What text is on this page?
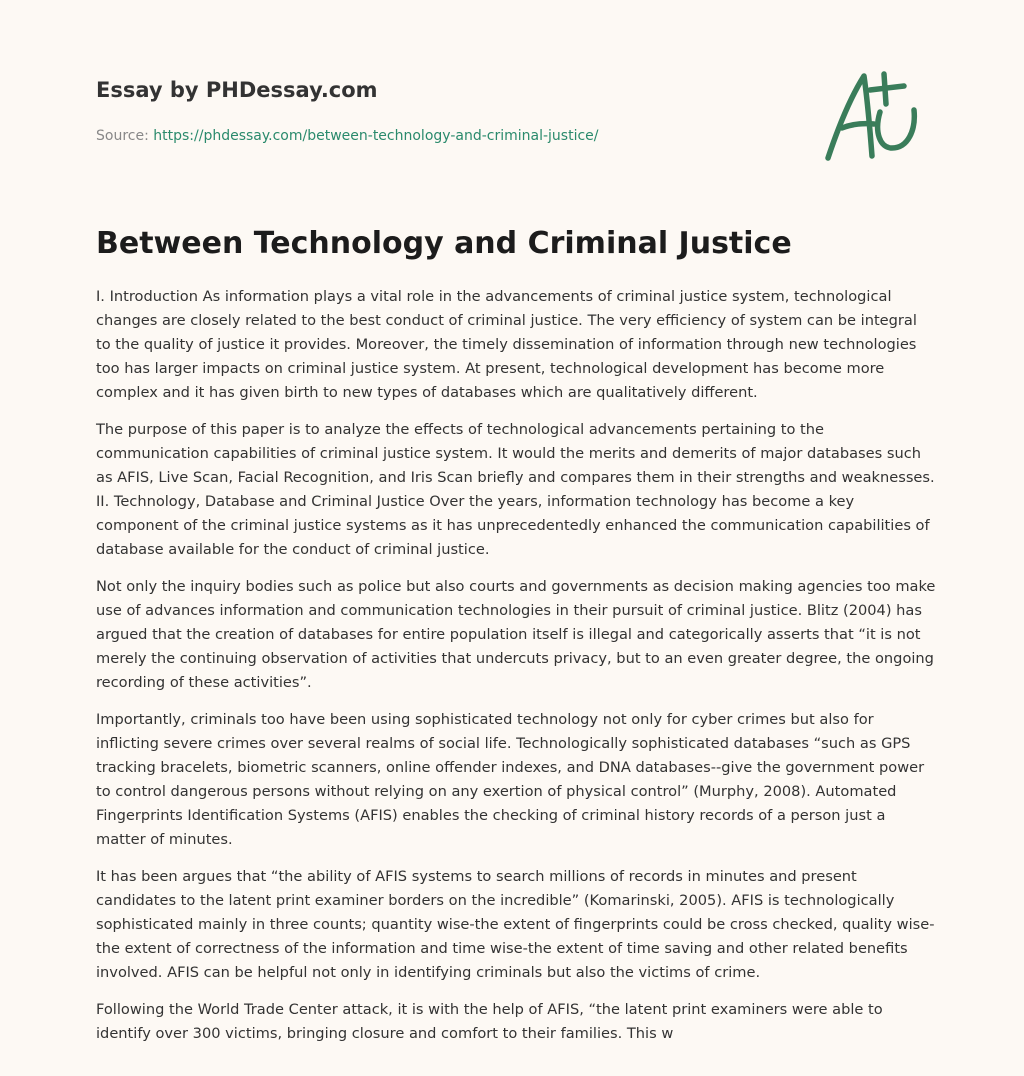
Essay by PHDessay.com
Source: https://phdessay.com/between-technology-and-criminal-justice/
Between Technology and Criminal Justice

I. Introduction As information plays a vital role in the advancements of criminal justice system, technological changes are closely related to the best conduct of criminal justice. The very efficiency of system can be integral to the quality of justice it provides. Moreover, the timely dissemination of information through new technologies too has larger impacts on criminal justice system. At present, technological development has become more complex and it has given birth to new types of databases which are qualitatively different.

The purpose of this paper is to analyze the effects of technological advancements pertaining to the communication capabilities of criminal justice system. It would the merits and demerits of major databases such as AFIS, Live Scan, Facial Recognition, and Iris Scan briefly and compares them in their strengths and weaknesses. II. Technology, Database and Criminal Justice Over the years, information technology has become a key component of the criminal justice systems as it has unprecedentedly enhanced the communication capabilities of database available for the conduct of criminal justice.

Not only the inquiry bodies such as police but also courts and governments as decision making agencies too make use of advances information and communication technologies in their pursuit of criminal justice. Blitz (2004) has argued that the creation of databases for entire population itself is illegal and categorically asserts that “it is not merely the continuing observation of activities that undercuts privacy, but to an even greater degree, the ongoing recording of these activities”.

Importantly, criminals too have been using sophisticated technology not only for cyber crimes but also for inflicting severe crimes over several realms of social life. Technologically sophisticated databases “such as GPS tracking bracelets, biometric scanners, online offender indexes, and DNA databases--give the government power to control dangerous persons without relying on any exertion of physical control” (Murphy, 2008). Automated Fingerprints Identification Systems (AFIS) enables the checking of criminal history records of a person just a matter of minutes.

It has been argues that “the ability of AFIS systems to search millions of records in minutes and present candidates to the latent print examiner borders on the incredible” (Komarinski, 2005). AFIS is technologically sophisticated mainly in three counts; quantity wise-the extent of fingerprints could be cross checked, quality wise- the extent of correctness of the information and time wise-the extent of time saving and other related benefits involved. AFIS can be helpful not only in identifying criminals but also the victims of crime.

Following the World Trade Center attack, it is with the help of AFIS, “the latent print examiners were able to identify over 300 victims, bringing closure and comfort to their families. This w
